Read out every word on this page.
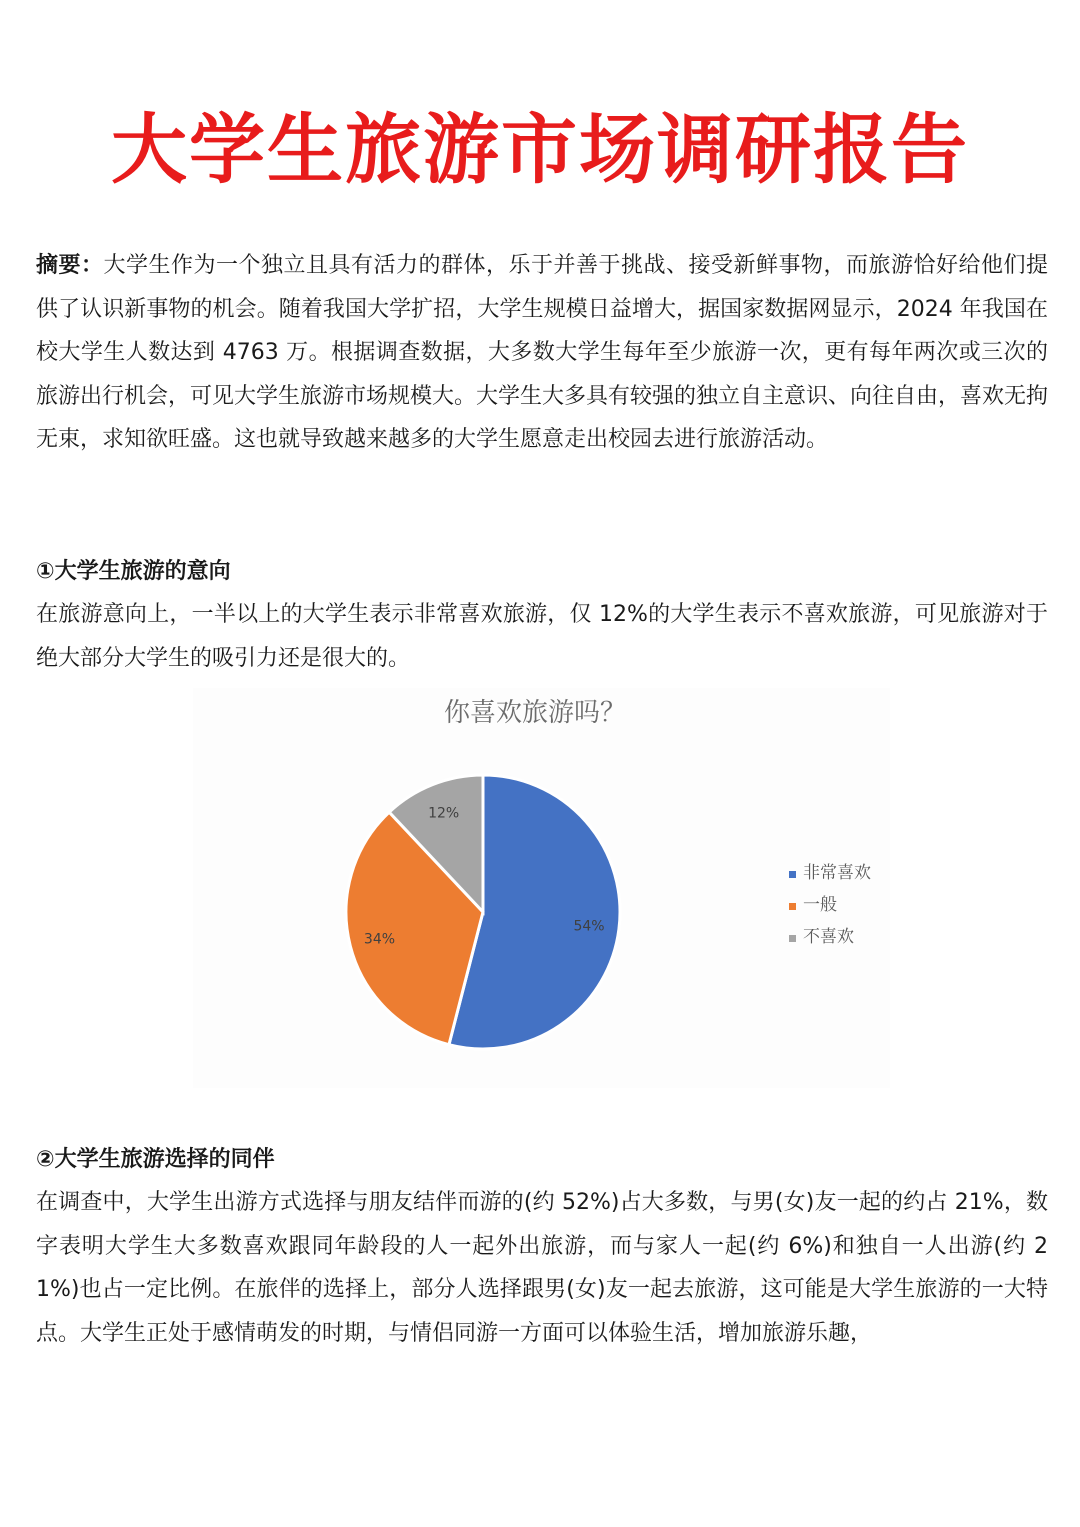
大学生旅游市场调研报告

摘要：大学生作为一个独立且具有活力的群体，乐于并善于挑战、接受新鲜事物，而旅游恰好给他们提供了认识新事物的机会。随着我国大学扩招，大学生规模日益增大，据国家数据网显示，2024 年我国在校大学生人数达到 4763 万。根据调查数据，大多数大学生每年至少旅游一次，更有每年两次或三次的旅游出行机会，可见大学生旅游市场规模大。大学生大多具有较强的独立自主意识、向往自由，喜欢无拘无束，求知欲旺盛。这也就导致越来越多的大学生愿意走出校园去进行旅游活动。

①大学生旅游的意向

在旅游意向上，一半以上的大学生表示非常喜欢旅游，仅 12%的大学生表示不喜欢旅游，可见旅游对于绝大部分大学生的吸引力还是很大的。

你喜欢旅游吗？
54%
34%
12%
非常喜欢
一般
不喜欢
②大学生旅游选择的同伴

在调查中，大学生出游方式选择与朋友结伴而游的(约 52%)占大多数，与男(女)友一起的约占 21%，数字表明大学生大多数喜欢跟同年龄段的人一起外出旅游，而与家人一起(约 6%)和独自一人出游(约 21%)也占一定比例。在旅伴的选择上，部分人选择跟男(女)友一起去旅游，这可能是大学生旅游的一大特点。大学生正处于感情萌发的时期，与情侣同游一方面可以体验生活，增加旅游乐趣，
